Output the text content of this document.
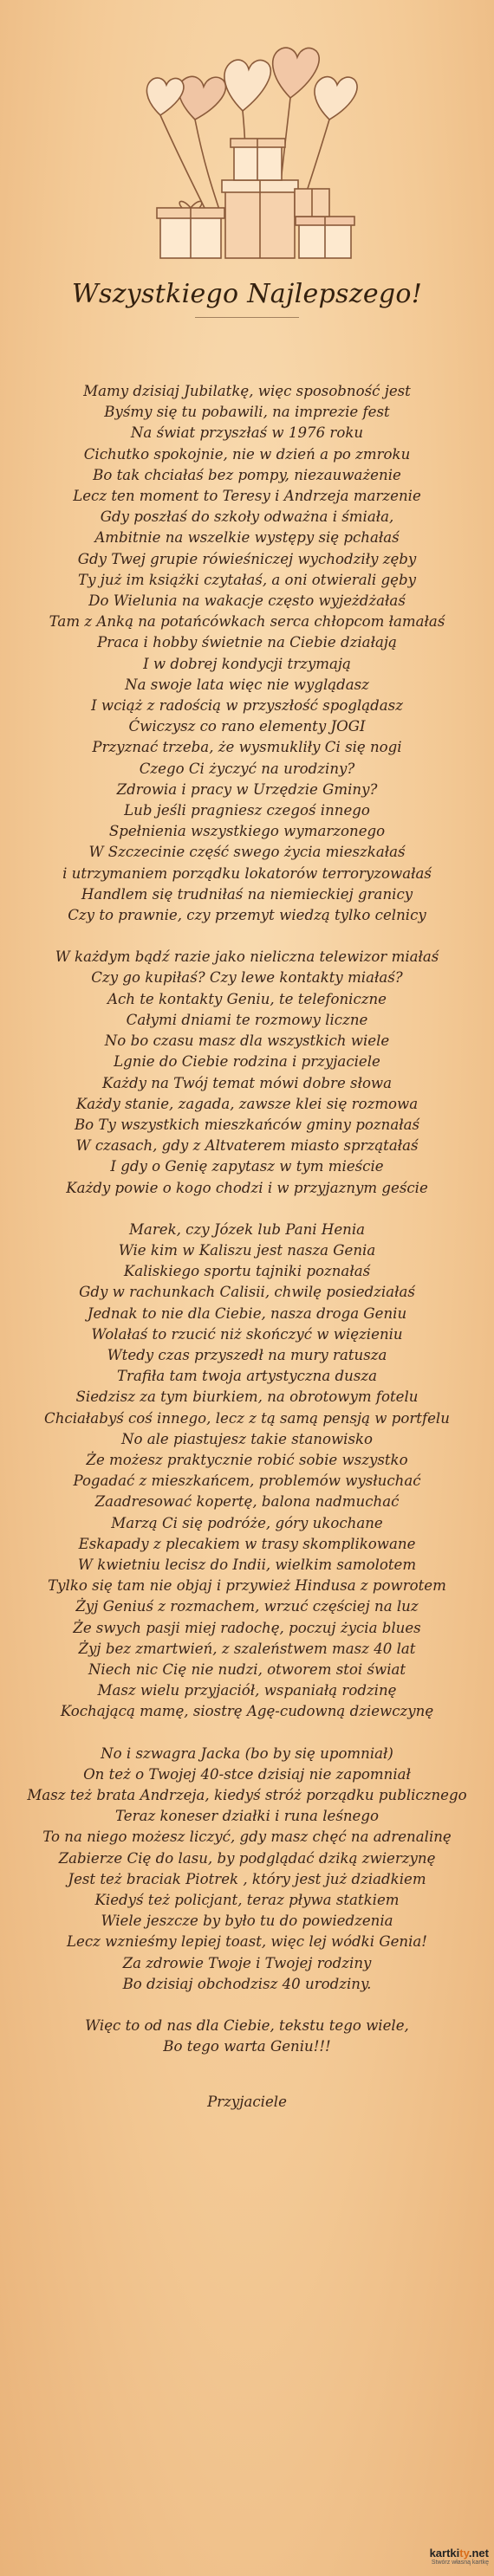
Wszystkiego Najlepszego!

Mamy dzisiaj Jubilatkę, więc sposobność jest

Byśmy się tu pobawili, na imprezie fest

Na świat przyszłaś w 1976 roku

Cichutko spokojnie, nie w dzień a po zmroku

Bo tak chciałaś bez pompy, niezauważenie

Lecz ten moment to Teresy i Andrzeja marzenie

Gdy poszłaś do szkoły odważna i śmiała,

Ambitnie na wszelkie występy się pchałaś

Gdy Twej grupie rówieśniczej wychodziły zęby

Ty już im książki czytałaś, a oni otwierali gęby

Do Wielunia na wakacje często wyjeżdżałaś

Tam z Anką na potańcówkach serca chłopcom łamałaś

Praca i hobby świetnie na Ciebie działają

I w dobrej kondycji trzymają

Na swoje lata więc nie wyglądasz

I wciąż z radością w przyszłość spoglądasz

Ćwiczysz co rano elementy JOGI

Przyznać trzeba, że wysmukliły Ci się nogi

Czego Ci życzyć na urodziny?

Zdrowia i pracy w Urzędzie Gminy?

Lub jeśli pragniesz czegoś innego

Spełnienia wszystkiego wymarzonego

W Szczecinie część swego życia mieszkałaś

i utrzymaniem porządku lokatorów terroryzowałaś

Handlem się trudniłaś na niemieckiej granicy

Czy to prawnie, czy przemyt wiedzą tylko celnicy

W każdym bądź razie jako nieliczna telewizor miałaś

Czy go kupiłaś? Czy lewe kontakty miałaś?

Ach te kontakty Geniu, te telefoniczne

Całymi dniami te rozmowy liczne

No bo czasu masz dla wszystkich wiele

Lgnie do Ciebie rodzina i przyjaciele

Każdy na Twój temat mówi dobre słowa

Każdy stanie, zagada, zawsze klei się rozmowa

Bo Ty wszystkich mieszkańców gminy poznałaś

W czasach, gdy z Altvaterem miasto sprzątałaś

I gdy o Genię zapytasz w tym mieście

Każdy powie o kogo chodzi i w przyjaznym geście

Marek, czy Józek lub Pani Henia

Wie kim w Kaliszu jest nasza Genia

Kaliskiego sportu tajniki poznałaś

Gdy w rachunkach Calisii, chwilę posiedziałaś

Jednak to nie dla Ciebie, nasza droga Geniu

Wolałaś to rzucić niż skończyć w więzieniu

Wtedy czas przyszedł na mury ratusza

Trafiła tam twoja artystyczna dusza

Siedzisz za tym biurkiem, na obrotowym fotelu

Chciałabyś coś innego, lecz z tą samą pensją w portfelu

No ale piastujesz takie stanowisko

Że możesz praktycznie robić sobie wszystko

Pogadać z mieszkańcem, problemów wysłuchać

Zaadresować kopertę, balona nadmuchać

Marzą Ci się podróże, góry ukochane

Eskapady z plecakiem w trasy skomplikowane

W kwietniu lecisz do Indii, wielkim samolotem

Tylko się tam nie objaj i przywież Hindusa z powrotem

Żyj Geniuś z rozmachem, wrzuć częściej na luz

Że swych pasji miej radochę, poczuj życia blues

Żyj bez zmartwień, z szaleństwem masz 40 lat

Niech nic Cię nie nudzi, otworem stoi świat

Masz wielu przyjaciół, wspaniałą rodzinę

Kochającą mamę, siostrę Agę-cudowną dziewczynę

No i szwagra Jacka (bo by się upomniał)

On też o Twojej 40-stce dzisiaj nie zapomniał

Masz też brata Andrzeja, kiedyś stróż porządku publicznego

Teraz koneser działki i runa leśnego

To na niego możesz liczyć, gdy masz chęć na adrenalinę

Zabierze Cię do lasu, by podglądać dziką zwierzynę

Jest też braciak Piotrek , który jest już dziadkiem

Kiedyś też policjant, teraz pływa statkiem

Wiele jeszcze by było tu do powiedzenia

Lecz wznieśmy lepiej toast, więc lej wódki Genia!

Za zdrowie Twoje i Twojej rodziny

Bo dzisiaj obchodzisz 40 urodziny.

Więc to od nas dla Ciebie, tekstu tego wiele,

Bo tego warta Geniu!!!

Przyjaciele
kartkity.net
Stwórz własną kartkę
